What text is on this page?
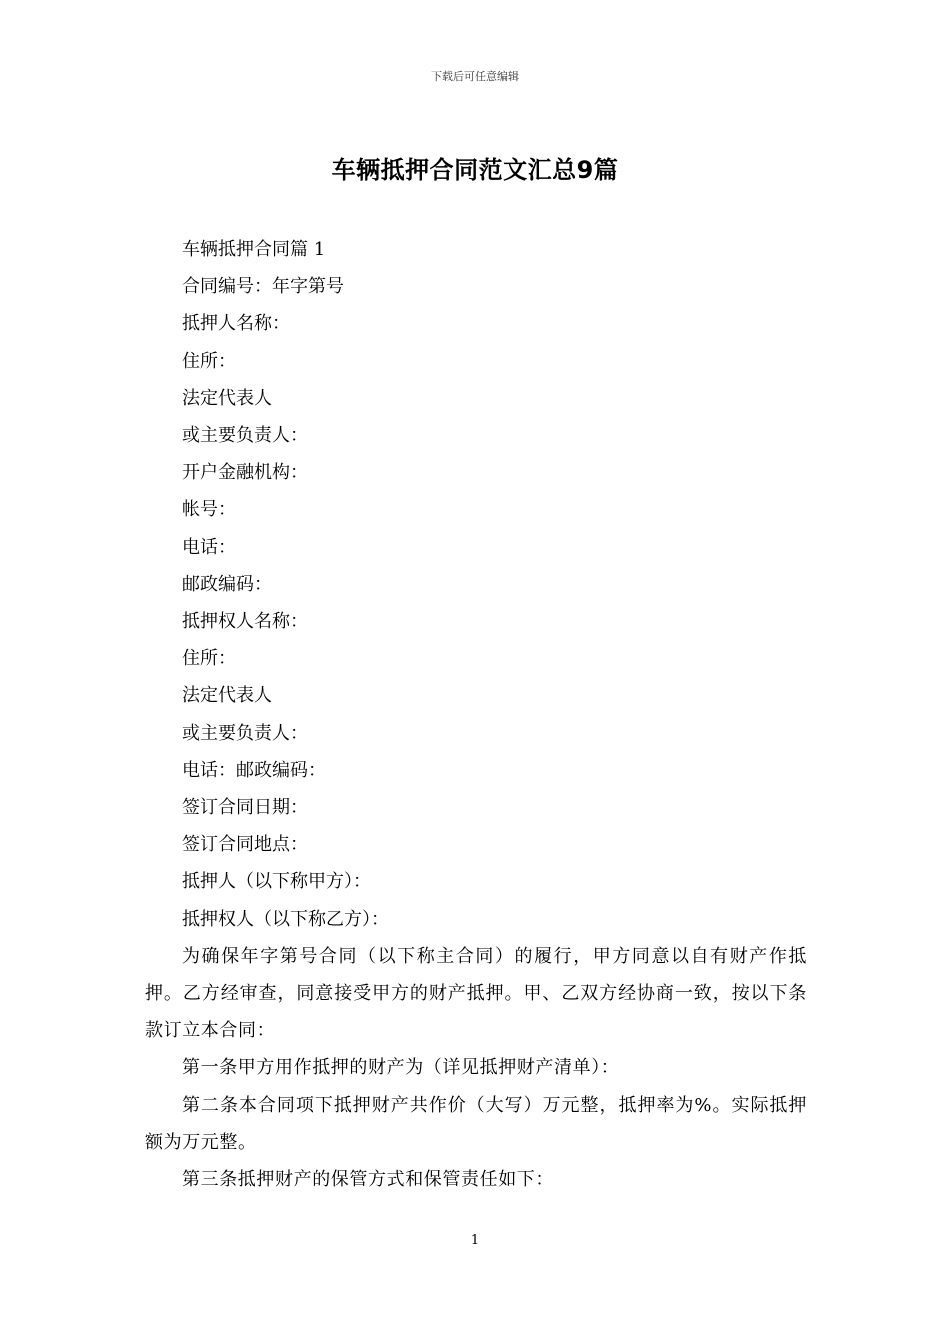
下载后可任意编辑
车辆抵押合同范文汇总9篇
车辆抵押合同篇 1
合同编号：年字第号
抵押人名称：
住所：
法定代表人
或主要负责人：
开户金融机构：
帐号：
电话：
邮政编码：
抵押权人名称：
住所：
法定代表人
或主要负责人：
电话：邮政编码：
签订合同日期：
签订合同地点：
抵押人（以下称甲方）：
抵押权人（以下称乙方）：
为确保年字第号合同（以下称主合同）的履行，甲方同意以自有财产作抵押。乙方经审查，同意接受甲方的财产抵押。甲、乙双方经协商一致，按以下条款订立本合同：
第一条甲方用作抵押的财产为（详见抵押财产清单）：
第二条本合同项下抵押财产共作价（大写）万元整，抵押率为%。实际抵押额为万元整。
第三条抵押财产的保管方式和保管责任如下：
1
